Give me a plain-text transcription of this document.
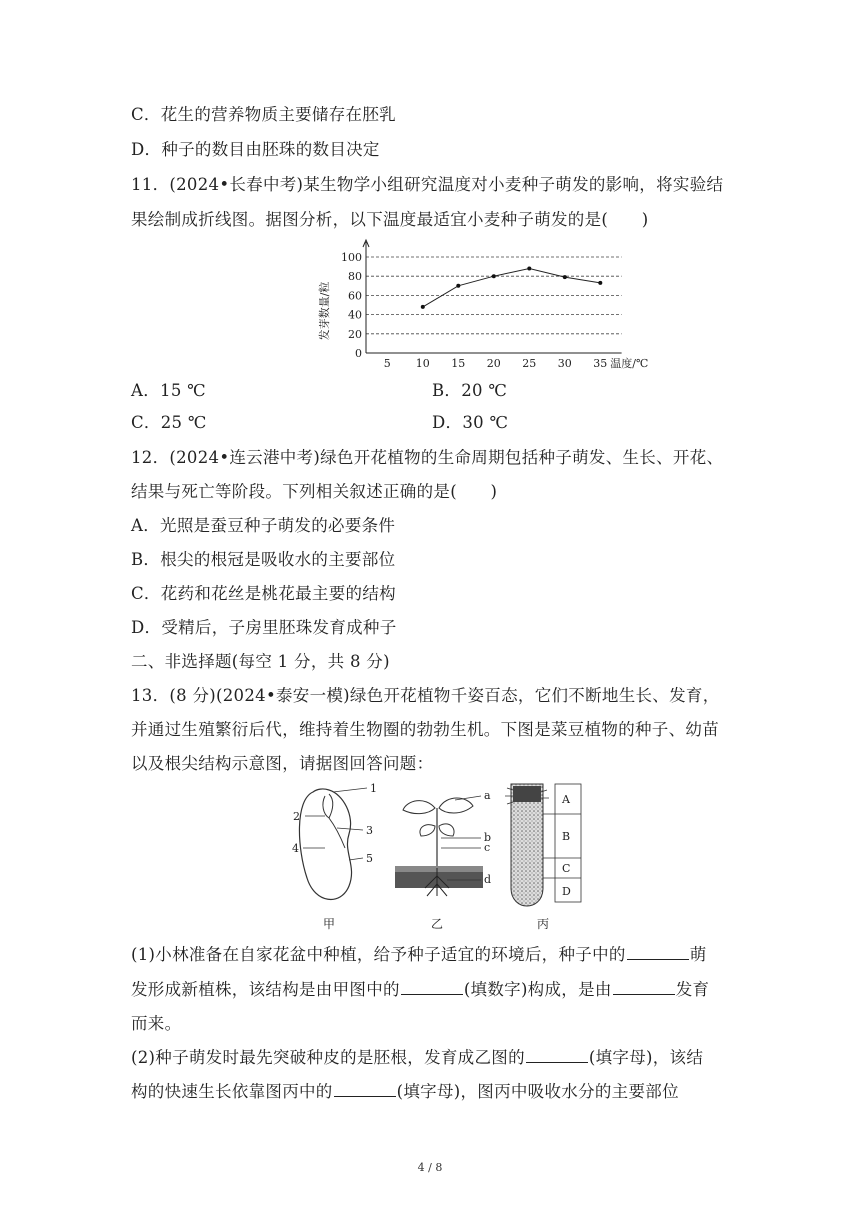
C．花生的营养物质主要储存在胚乳
D．种子的数目由胚珠的数目决定
11．(2024•长春中考)某生物学小组研究温度对小麦种子萌发的影响，将实验结
果绘制成折线图。据图分析，以下温度最适宜小麦种子萌发的是(　　)
0
20
40
60
80
100
5 10 15 20 25 30 35 温度/℃
发芽数量/粒
A．15 ℃	B．20 ℃
C．25 ℃	D．30 ℃
12．(2024•连云港中考)绿色开花植物的生命周期包括种子萌发、生长、开花、
结果与死亡等阶段。下列相关叙述正确的是(　　)
A．光照是蚕豆种子萌发的必要条件
B．根尖的根冠是吸收水的主要部位
C．花药和花丝是桃花最主要的结构
D．受精后，子房里胚珠发育成种子
二、非选择题(每空 1 分，共 8 分)
13．(8 分)(2024•泰安一模)绿色开花植物千姿百态，它们不断地生长、发育，
并通过生殖繁衍后代，维持着生物圈的勃勃生机。下图是菜豆植物的种子、幼苗
以及根尖结构示意图，请据图回答问题：
1
2
3
4
5
甲
a
b
c
d
乙
A
B
C
D
丙
(1)小林准备在自家花盆中种植，给予种子适宜的环境后，种子中的	萌
发形成新植株，该结构是由甲图中的	(填数字)构成，是由	发育
而来。
(2)种子萌发时最先突破种皮的是胚根，发育成乙图的	(填字母)，该结
构的快速生长依靠图丙中的	(填字母)，图丙中吸收水分的主要部位
4 / 8
